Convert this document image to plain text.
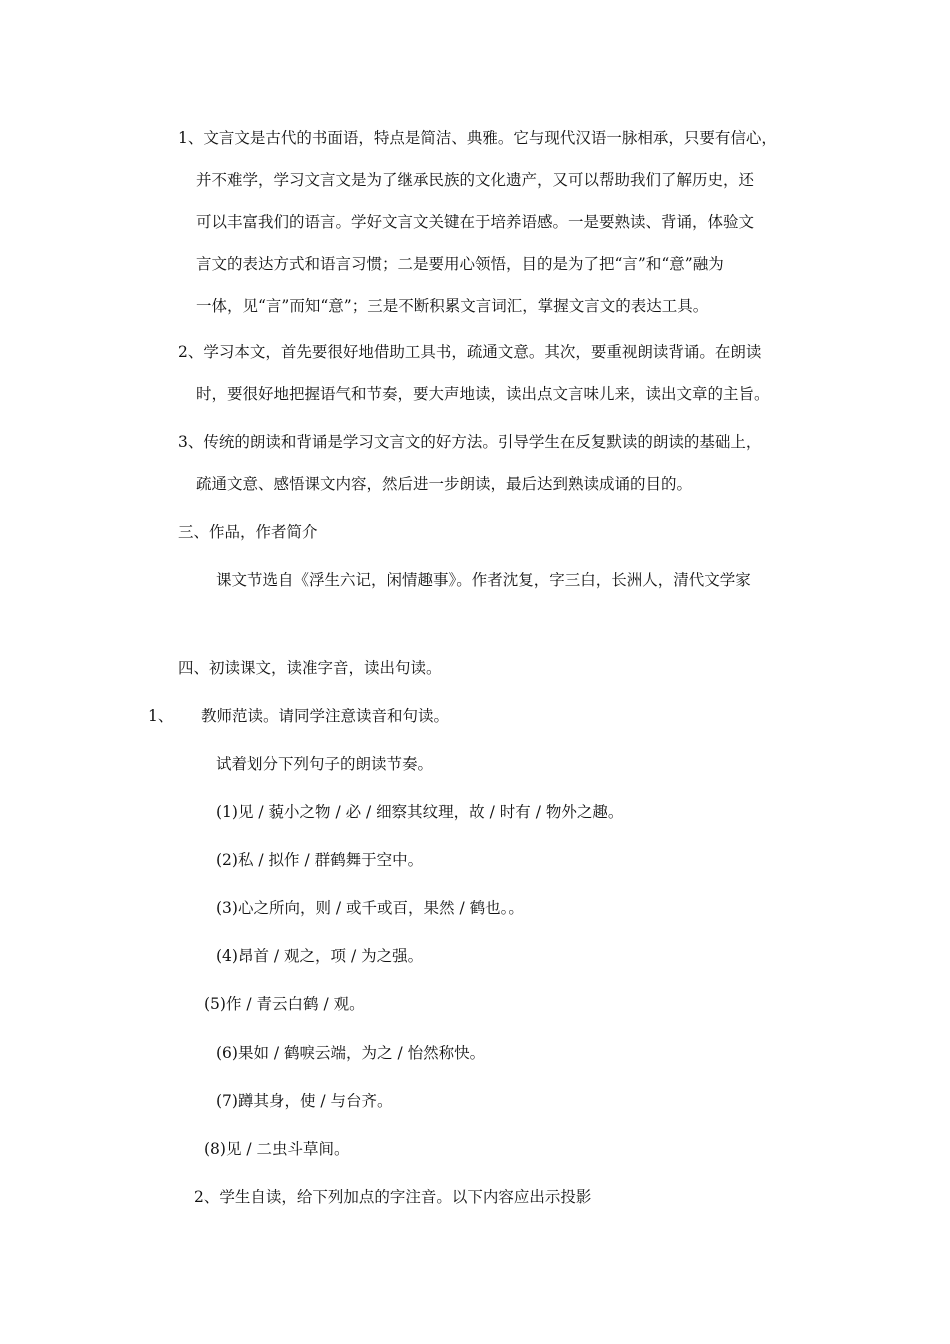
1、文言文是古代的书面语，特点是简洁、典雅。它与现代汉语一脉相承，只要有信心，
并不难学，学习文言文是为了继承民族的文化遗产，又可以帮助我们了解历史，还
可以丰富我们的语言。学好文言文关键在于培养语感。一是要熟读、背诵，体验文
言文的表达方式和语言习惯；二是要用心领悟，目的是为了把“言”和“意”融为
一体，见“言”而知“意”；三是不断积累文言词汇，掌握文言文的表达工具。
2、学习本文，首先要很好地借助工具书，疏通文意。其次，要重视朗读背诵。在朗读
时，要很好地把握语气和节奏，要大声地读，读出点文言味儿来，读出文章的主旨。
3、传统的朗读和背诵是学习文言文的好方法。引导学生在反复默读的朗读的基础上，
疏通文意、感悟课文内容，然后进一步朗读，最后达到熟读成诵的目的。
三、作品，作者简介
课文节选自《浮生六记，闲情趣事》。作者沈复，字三白，长洲人，清代文学家
四、初读课文，读准字音，读出句读。
1、 教师范读。请同学注意读音和句读。
试着划分下列句子的朗读节奏。
(1)见 / 藐小之物 / 必 / 细察其纹理，故 / 时有 / 物外之趣。
(2)私 / 拟作 / 群鹤舞于空中。
(3)心之所向，则 / 或千或百，果然 / 鹤也。。
(4)昂首 / 观之，项 / 为之强。
(5)作 / 青云白鹤 / 观。
(6)果如 / 鹤唳云端，为之 / 怡然称快。
(7)蹲其身，使 / 与台齐。
(8)见 / 二虫斗草间。
2、学生自读，给下列加点的字注音。以下内容应出示投影
